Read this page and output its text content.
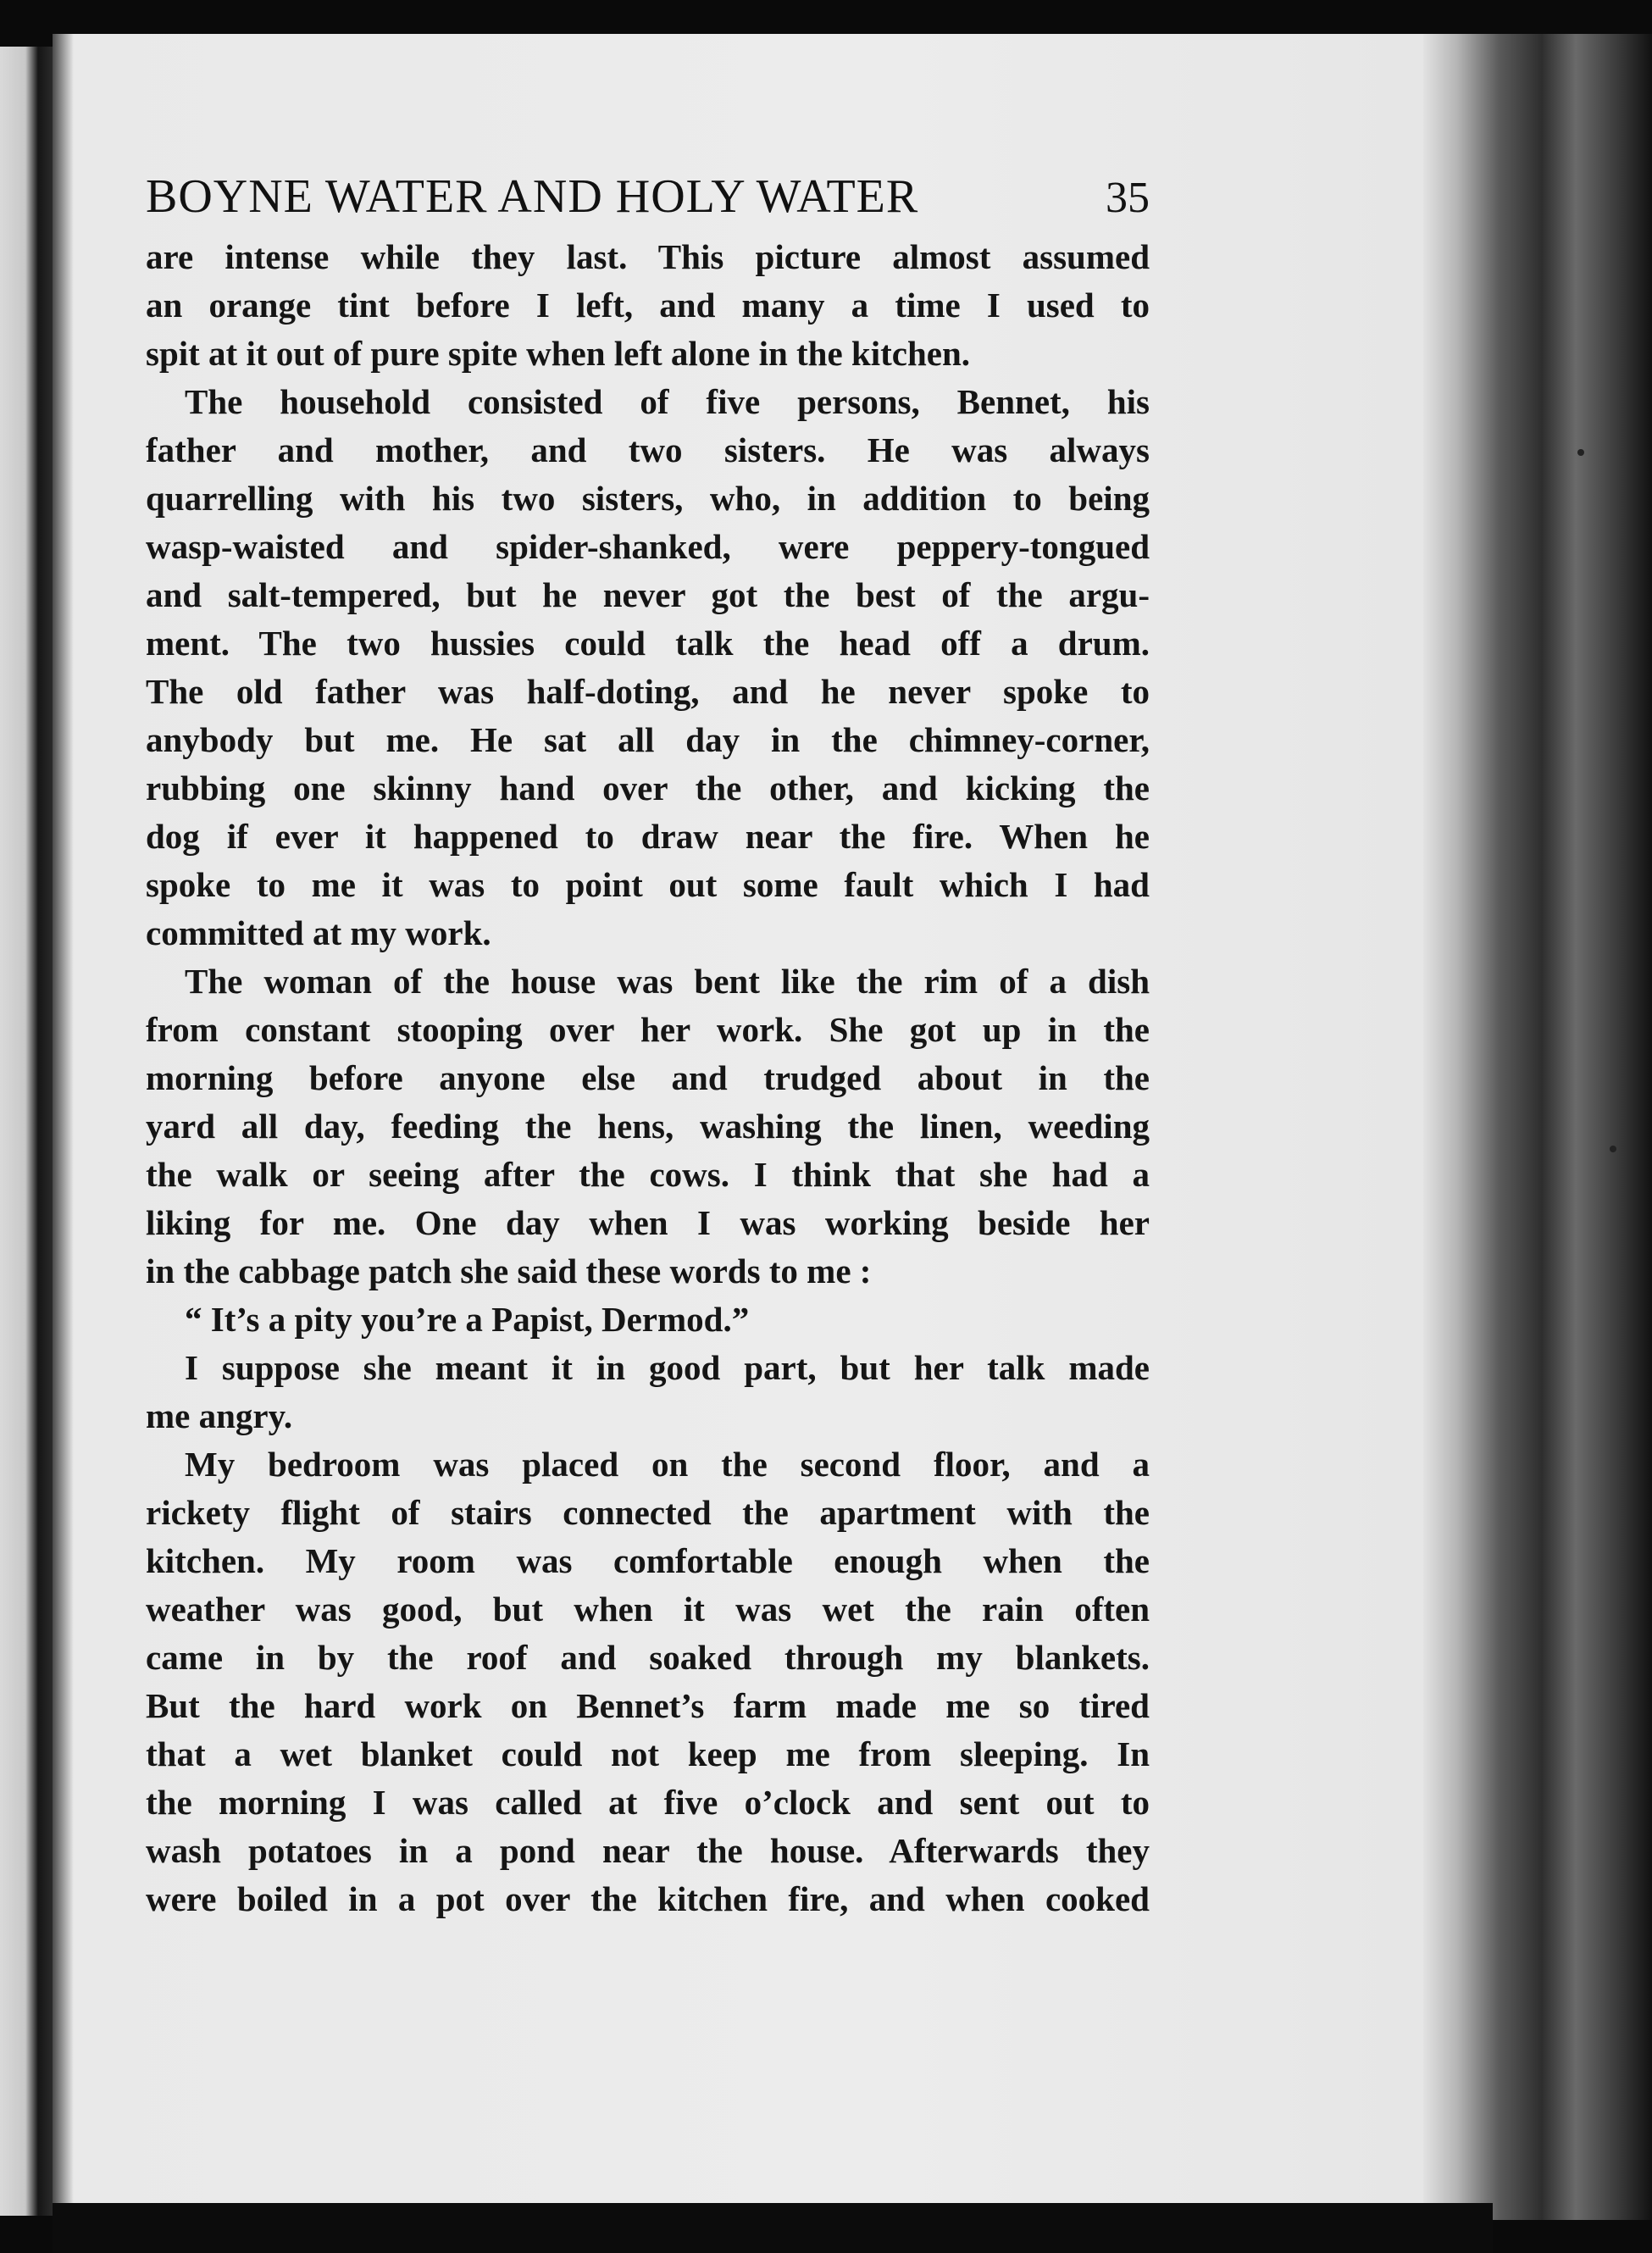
BOYNE WATER AND HOLY WATER	35
are intense while they last. This picture almost assumed
an orange tint before I left, and many a time I used to
spit at it out of pure spite when left alone in the kitchen.
The household consisted of five persons, Bennet, his
father and mother, and two sisters. He was always
quarrelling with his two sisters, who, in addition to being
wasp-waisted and spider-shanked, were peppery-tongued
and salt-tempered, but he never got the best of the argu-
ment. The two hussies could talk the head off a drum.
The old father was half-doting, and he never spoke to
anybody but me. He sat all day in the chimney-corner,
rubbing one skinny hand over the other, and kicking the
dog if ever it happened to draw near the fire. When he
spoke to me it was to point out some fault which I had
committed at my work.
The woman of the house was bent like the rim of a dish
from constant stooping over her work. She got up in the
morning before anyone else and trudged about in the
yard all day, feeding the hens, washing the linen, weeding
the walk or seeing after the cows. I think that she had a
liking for me. One day when I was working beside her
in the cabbage patch she said these words to me :
“ It’s a pity you’re a Papist, Dermod.”
I suppose she meant it in good part, but her talk made
me angry.
My bedroom was placed on the second floor, and a
rickety flight of stairs connected the apartment with the
kitchen. My room was comfortable enough when the
weather was good, but when it was wet the rain often
came in by the roof and soaked through my blankets.
But the hard work on Bennet’s farm made me so tired
that a wet blanket could not keep me from sleeping. In
the morning I was called at five o’clock and sent out to
wash potatoes in a pond near the house. Afterwards they
were boiled in a pot over the kitchen fire, and when cooked
